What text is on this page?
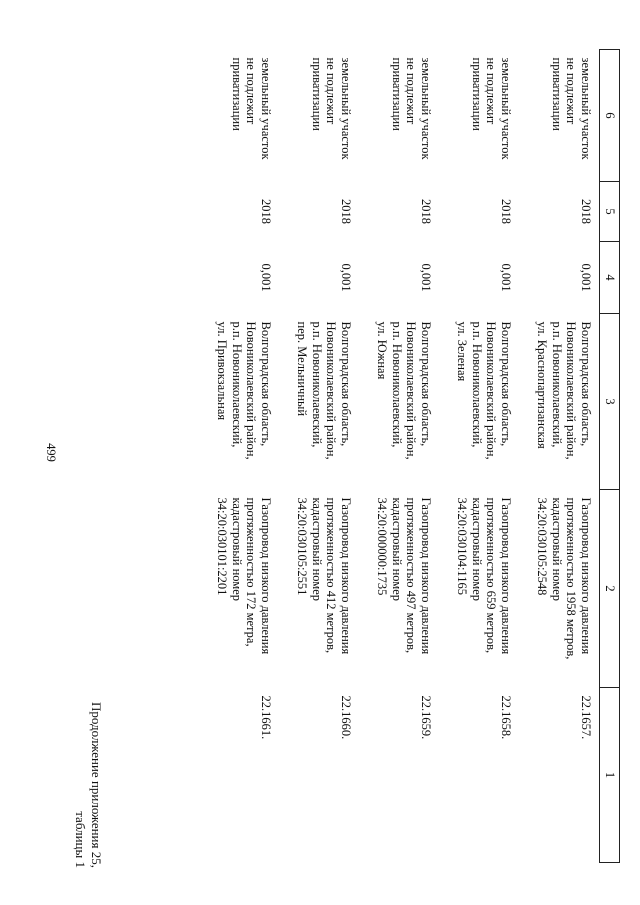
499
Продолжение приложения 25,
таблицы 1
6	5	4	3	2	1
земельный участок
не подлежит
приватизации	2018	0,001	Волгоградская область,
Новониколаевский район,
р.п. Новониколаевский,
ул. Краснопартизанская	Газопровод низкого давления
протяженностью 1958 метров,
кадастровый номер
34:20:030105:2548	22.1657.
земельный участок
не подлежит
приватизации	2018	0,001	Волгоградская область,
Новониколаевский район,
р.п. Новониколаевский,
ул. Зеленая	Газопровод низкого давления
протяженностью 659 метров,
кадастровый номер
34:20:030104:1165	22.1658.
земельный участок
не подлежит
приватизации	2018	0,001	Волгоградская область,
Новониколаевский район,
р.п. Новониколаевский,
ул. Южная	Газопровод низкого давления
протяженностью 497 метров,
кадастровый номер
34:20:000000:1735	22.1659.
земельный участок
не подлежит
приватизации	2018	0,001	Волгоградская область,
Новониколаевский район,
р.п. Новониколаевский,
пер. Мельничный	Газопровод низкого давления
протяженностью 412 метров,
кадастровый номер
34:20:030105:2551	22.1660.
земельный участок
не подлежит
приватизации	2018	0,001	Волгоградская область,
Новониколаевский район,
р.п. Новониколаевский,
ул. Привокзальная	Газопровод низкого давления
протяженностью 172 метра,
кадастровый номер
34:20:030101:2201	22.1661.
